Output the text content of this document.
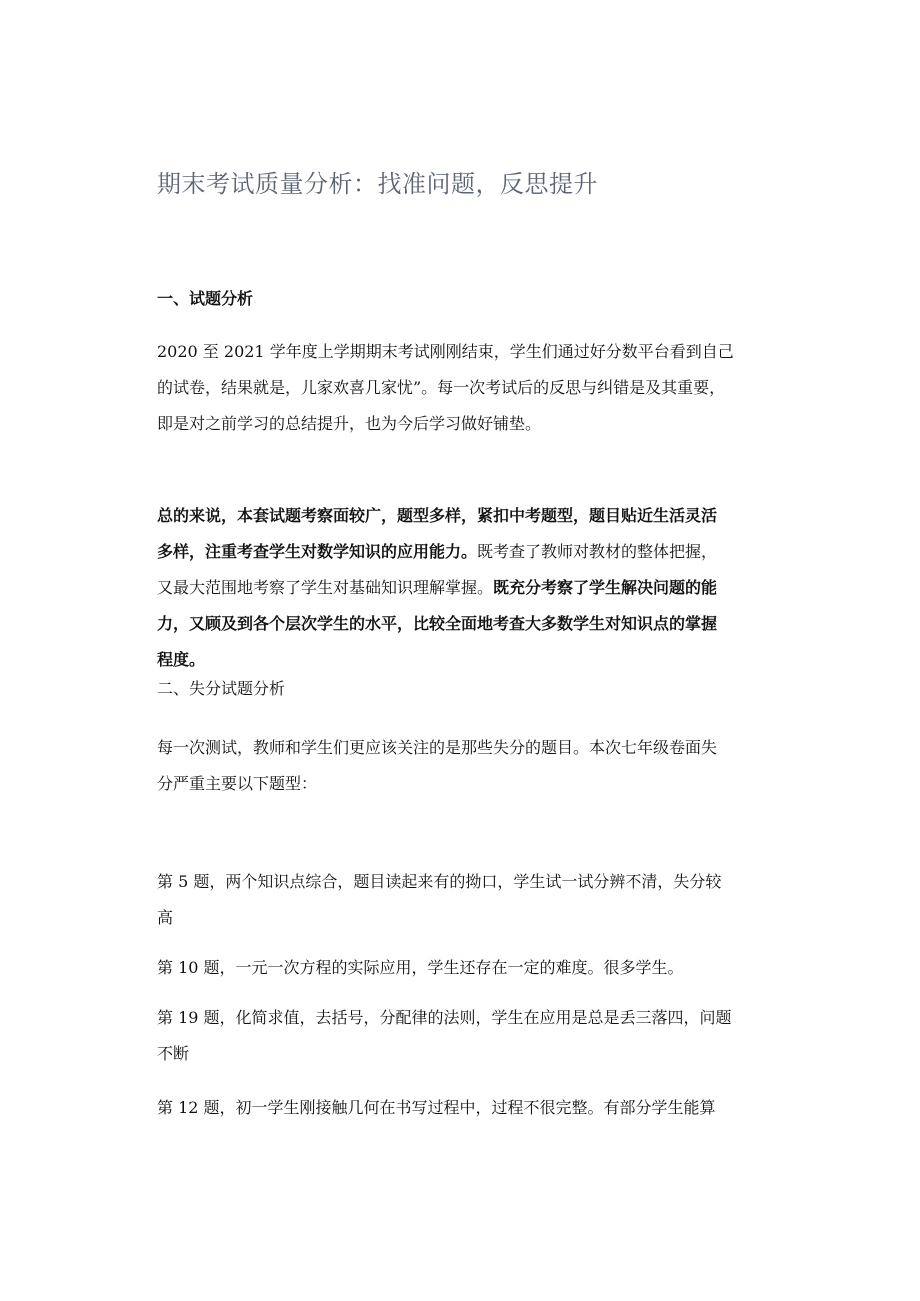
期末考试质量分析：找准问题，反思提升
一、试题分析

2020 至 2021 学年度上学期期末考试刚刚结束，学生们通过好分数平台看到自己
的试卷，结果就是，儿家欢喜几家忧”。每一次考试后的反思与纠错是及其重要，
即是对之前学习的总结提升，也为今后学习做好铺垫。

总的来说，本套试题考察面较广，题型多样，紧扣中考题型，题目贴近生活灵活
多样，注重考查学生对数学知识的应用能力。既考查了教师对教材的整体把握，
又最大范围地考察了学生对基础知识理解掌握。既充分考察了学生解决问题的能
力，又顾及到各个层次学生的水平，比较全面地考查大多数学生对知识点的掌握
程度。

二、失分试题分析

每一次测试，教师和学生们更应该关注的是那些失分的题目。本次七年级卷面失
分严重主要以下题型：

第 5 题，两个知识点综合，题目读起来有的拗口，学生试一试分辨不清，失分较
高

第 10 题，一元一次方程的实际应用，学生还存在一定的难度。很多学生。

第 19 题，化简求值，去括号，分配律的法则，学生在应用是总是丢三落四，问题
不断

第 12 题，初一学生刚接触几何在书写过程中，过程不很完整。有部分学生能算
